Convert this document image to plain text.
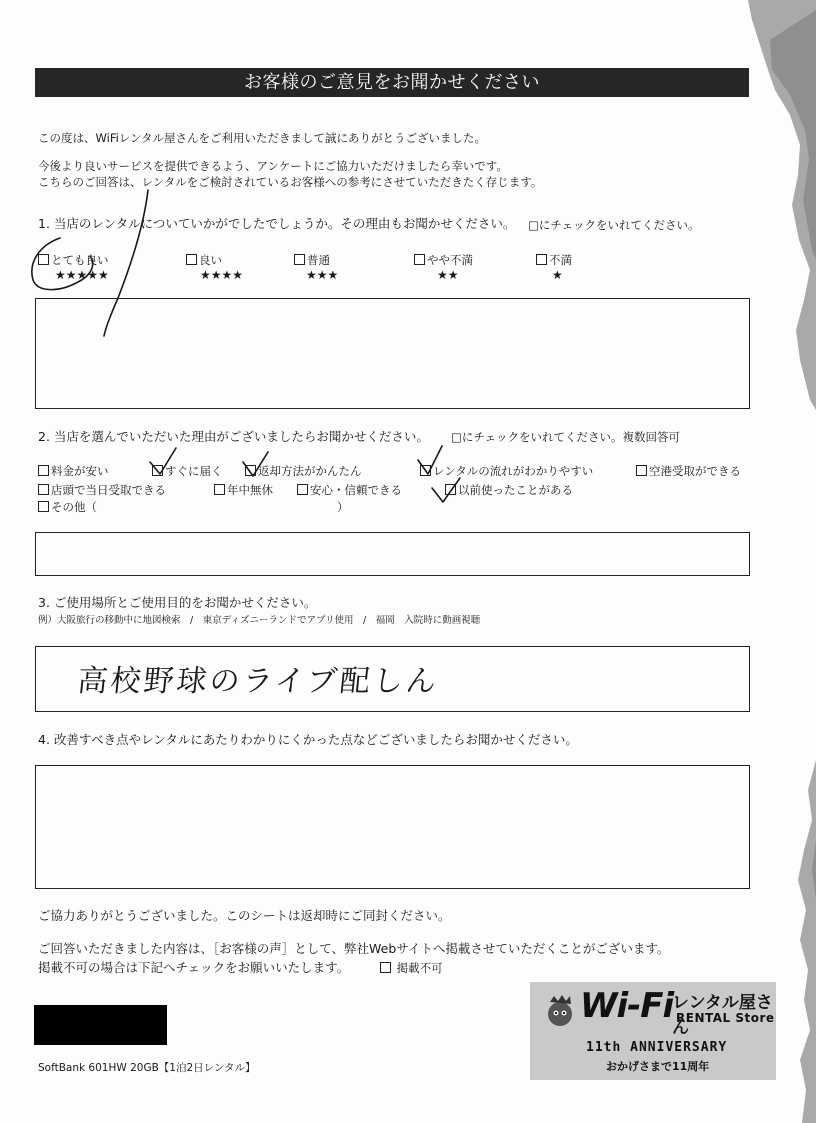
お客様のご意見をお聞かせください
この度は、WiFiレンタル屋さんをご利用いただきまして誠にありがとうございました。
今後より良いサービスを提供できるよう、アンケートにご協力いただけましたら幸いです。
こちらのご回答は、レンタルをご検討されているお客様への参考にさせていただきたく存じます。
1. 当店のレンタルについていかがでしたでしょうか。その理由もお聞かせください。 □にチェックをいれてください。
とても良い
★★★★★
良い
★★★★
普通
★★★
やや不満
★★
不満
★
2. 当店を選んでいただいた理由がございましたらお聞かせください。 □にチェックをいれてください。複数回答可
料金が安い	すぐに届く	返却方法がかんたん	レンタルの流れがわかりやすい	空港受取ができる
店頭で当日受取できる	年中無休	安心・信頼できる	以前使ったことがある
その他（	）
3. ご使用場所とご使用目的をお聞かせください。
例）大阪旅行の移動中に地図検索　/　東京ディズニーランドでアプリ使用　/　福岡　入院時に動画視聴
高校野球のライブ配しん
4. 改善すべき点やレンタルにあたりわかりにくかった点などございましたらお聞かせください。
ご協力ありがとうございました。このシートは返却時にご同封ください。
ご回答いただきました内容は、［お客様の声］として、弊社Webサイトへ掲載させていただくことがございます。
掲載不可の場合は下記へチェックをお願いいたします。	掲載不可
SoftBank 601HW 20GB【1泊2日レンタル】
Wi-Fi
レンタル屋さん
RENTAL Store
11th ANNIVERSARY
おかげさまで11周年
